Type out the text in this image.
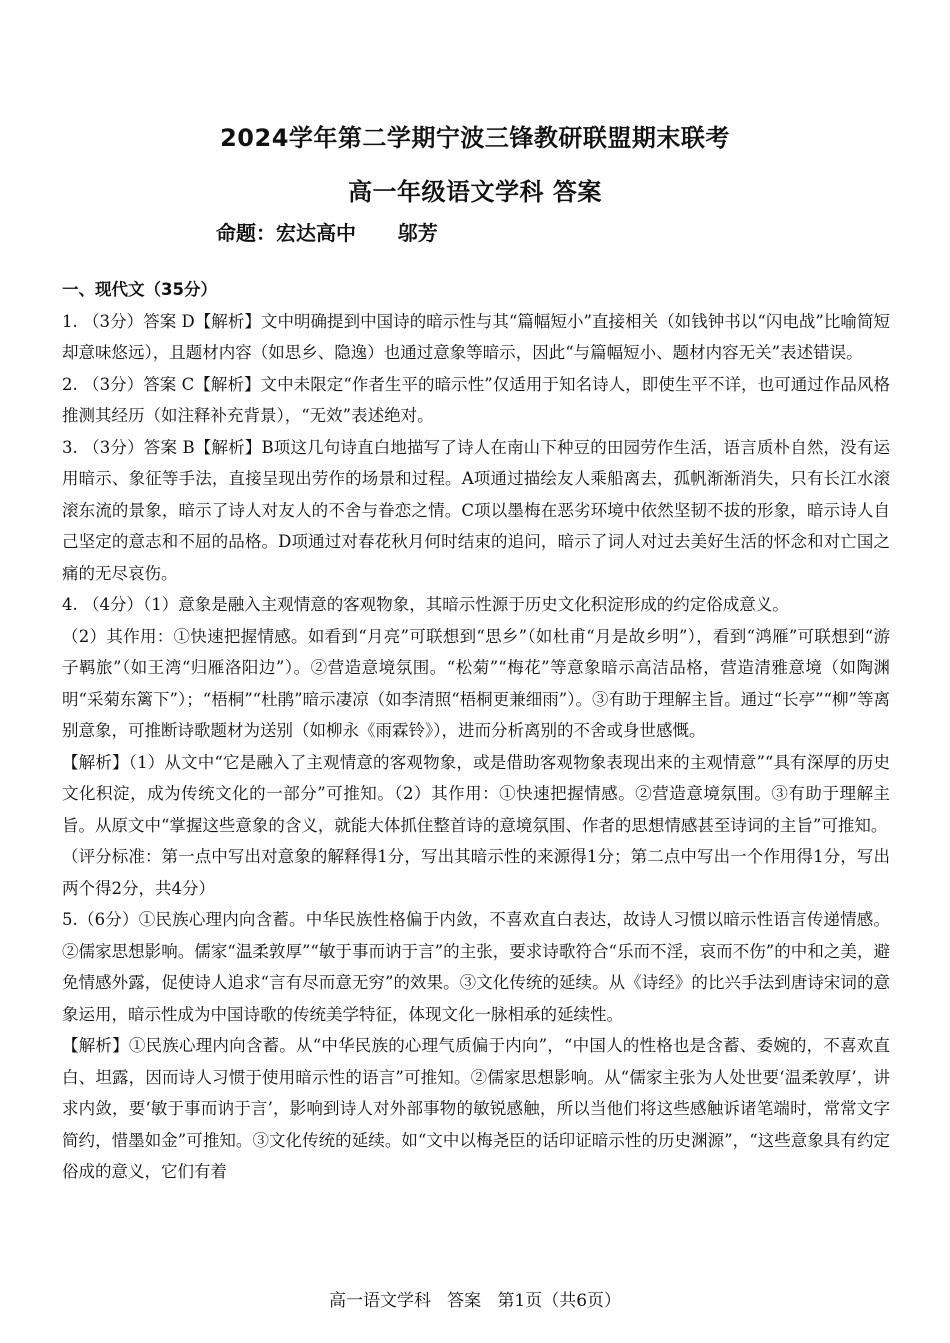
2024学年第二学期宁波三锋教研联盟期末联考
高一年级语文学科 答案
命题：宏达高中      邬芳

一、现代文（35分）

1. （3分）答案 D【解析】文中明确提到中国诗的暗示性与其“篇幅短小”直接相关（如钱钟书以“闪电战”比喻简短却意味悠远），且题材内容（如思乡、隐逸）也通过意象等暗示，因此“与篇幅短小、题材内容无关”表述错误。

2. （3分）答案 C【解析】文中未限定“作者生平的暗示性”仅适用于知名诗人，即使生平不详，也可通过作品风格推测其经历（如注释补充背景），“无效”表述绝对。

3. （3分）答案 B【解析】B项这几句诗直白地描写了诗人在南山下种豆的田园劳作生活，语言质朴自然，没有运用暗示、象征等手法，直接呈现出劳作的场景和过程。A项通过描绘友人乘船离去，孤帆渐渐消失，只有长江水滚滚东流的景象，暗示了诗人对友人的不舍与眷恋之情。C项以墨梅在恶劣环境中依然坚韧不拔的形象，暗示诗人自己坚定的意志和不屈的品格。D项通过对春花秋月何时结束的追问，暗示了词人对过去美好生活的怀念和对亡国之痛的无尽哀伤。

4. （4分）（1）意象是融入主观情意的客观物象，其暗示性源于历史文化积淀形成的约定俗成意义。

（2）其作用：①快速把握情感。如看到“月亮”可联想到“思乡”（如杜甫“月是故乡明”），看到“鸿雁”可联想到“游子羁旅”（如王湾“归雁洛阳边”）。②营造意境氛围。“松菊”“梅花”等意象暗示高洁品格，营造清雅意境（如陶渊明“采菊东篱下”）；“梧桐”“杜鹃”暗示凄凉（如李清照“梧桐更兼细雨”）。③有助于理解主旨。通过“长亭”“柳”等离别意象，可推断诗歌题材为送别（如柳永《雨霖铃》），进而分析离别的不舍或身世感慨。

【解析】（1）从文中“它是融入了主观情意的客观物象，或是借助客观物象表现出来的主观情意”“具有深厚的历史文化积淀，成为传统文化的一部分”可推知。（2）其作用：①快速把握情感。②营造意境氛围。③有助于理解主旨。从原文中“掌握这些意象的含义，就能大体抓住整首诗的意境氛围、作者的思想情感甚至诗词的主旨”可推知。

（评分标准：第一点中写出对意象的解释得1分，写出其暗示性的来源得1分；第二点中写出一个作用得1分，写出两个得2分，共4分）

5.（6分）①民族心理内向含蓄。中华民族性格偏于内敛，不喜欢直白表达，故诗人习惯以暗示性语言传递情感。②儒家思想影响。儒家“温柔敦厚”“敏于事而讷于言”的主张，要求诗歌符合“乐而不淫，哀而不伤”的中和之美，避免情感外露，促使诗人追求“言有尽而意无穷”的效果。③文化传统的延续。从《诗经》的比兴手法到唐诗宋词的意象运用，暗示性成为中国诗歌的传统美学特征，体现文化一脉相承的延续性。

【解析】①民族心理内向含蓄。从“中华民族的心理气质偏于内向”，“中国人的性格也是含蓄、委婉的，不喜欢直白、坦露，因而诗人习惯于使用暗示性的语言”可推知。②儒家思想影响。从“儒家主张为人处世要‘温柔敦厚’，讲求内敛，要‘敏于事而讷于言’，影响到诗人对外部事物的敏锐感触，所以当他们将这些感触诉诸笔端时，常常文字简约，惜墨如金”可推知。③文化传统的延续。如“文中以梅尧臣的话印证暗示性的历史渊源”，“这些意象具有约定俗成的意义，它们有着

高一语文学科   答案   第1页（共6页）
